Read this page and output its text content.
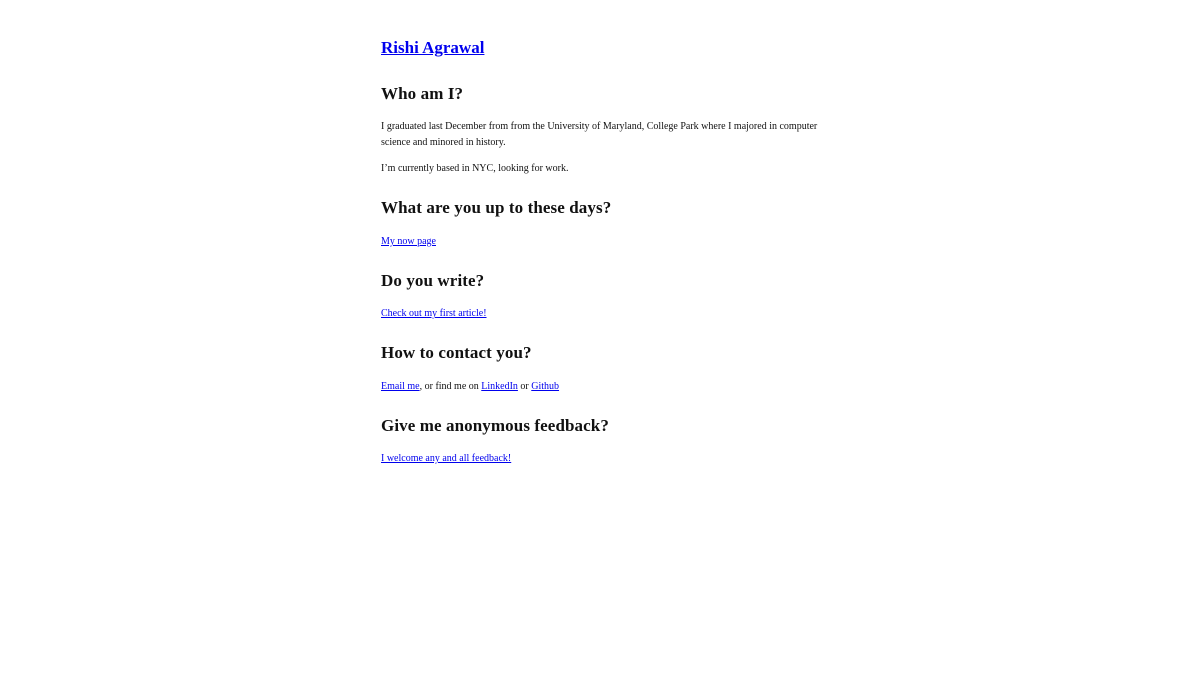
Rishi Agrawal
Who am I?

I graduated last December from from the University of Maryland, College Park where I majored in computer science and minored in history.

I’m currently based in NYC, looking for work.

What are you up to these days?

My now page

Do you write?

Check out my first article!

How to contact you?

Email me, or find me on LinkedIn or Github

Give me anonymous feedback?

I welcome any and all feedback!
